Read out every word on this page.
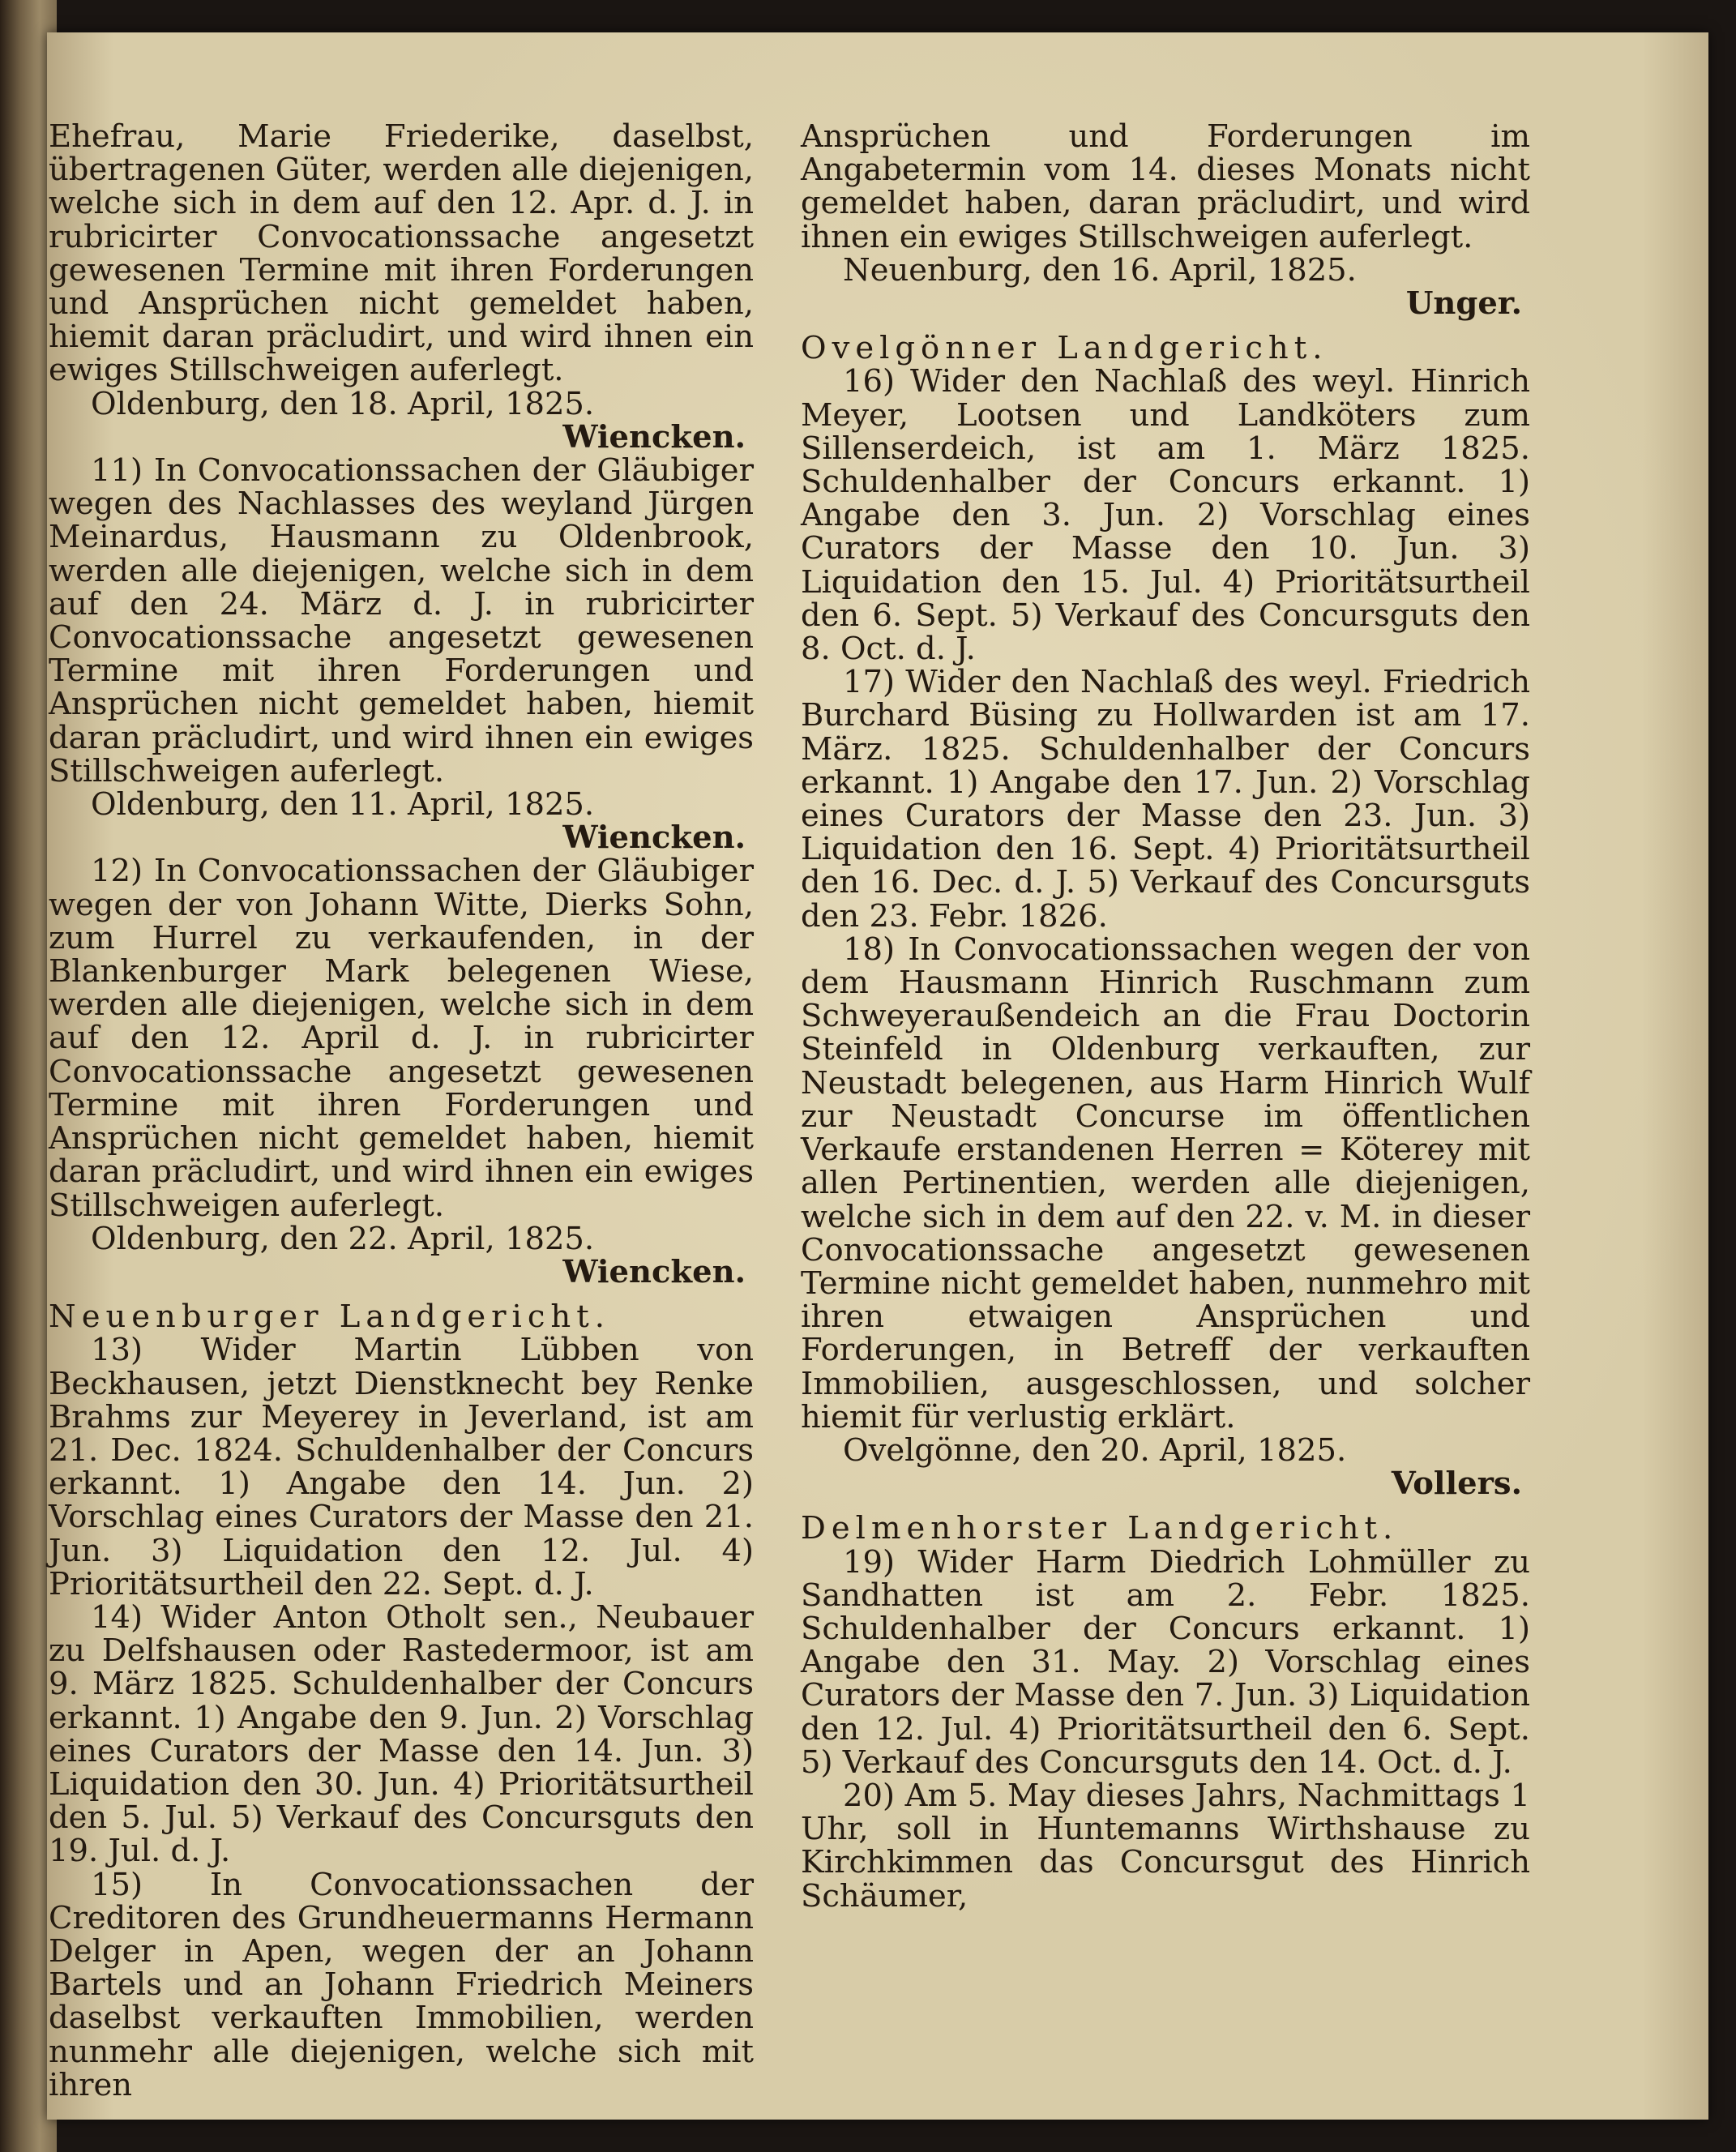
Ehefrau, Marie Friederike, daselbst, übertragenen Güter, werden alle diejenigen, welche sich in dem auf den 12. Apr. d. J. in rubricirter Convocationssache angesetzt gewesenen Termine mit ihren Forderungen und Ansprüchen nicht gemeldet haben, hiemit daran präcludirt, und wird ihnen ein ewiges Stillschweigen auferlegt.
Oldenburg, den 18. April, 1825.
Wiencken.
11) In Convocationssachen der Gläubiger wegen des Nachlasses des weyland Jürgen Meinardus, Hausmann zu Oldenbrook, werden alle diejenigen, welche sich in dem auf den 24. März d. J. in rubricirter Convocationssache angesetzt gewesenen Termine mit ihren Forderungen und Ansprüchen nicht gemeldet haben, hiemit daran präcludirt, und wird ihnen ein ewiges Stillschweigen auferlegt.
Oldenburg, den 11. April, 1825.
Wiencken.
12) In Convocationssachen der Gläubiger wegen der von Johann Witte, Dierks Sohn, zum Hurrel zu verkaufenden, in der Blankenburger Mark belegenen Wiese, werden alle diejenigen, welche sich in dem auf den 12. April d. J. in rubricirter Convocationssache angesetzt gewesenen Termine mit ihren Forderungen und Ansprüchen nicht gemeldet haben, hiemit daran präcludirt, und wird ihnen ein ewiges Stillschweigen auferlegt.
Oldenburg, den 22. April, 1825.
Wiencken.
Neuenburger Landgericht.
13) Wider Martin Lübben von Beckhausen, jetzt Dienstknecht bey Renke Brahms zur Meyerey in Jeverland, ist am 21. Dec. 1824. Schuldenhalber der Concurs erkannt. 1) Angabe den 14. Jun. 2) Vorschlag eines Curators der Masse den 21. Jun. 3) Liquidation den 12. Jul. 4) Prioritätsurtheil den 22. Sept. d. J.
14) Wider Anton Otholt sen., Neubauer zu Delfshausen oder Rastedermoor, ist am 9. März 1825. Schuldenhalber der Concurs erkannt. 1) Angabe den 9. Jun. 2) Vorschlag eines Curators der Masse den 14. Jun. 3) Liquidation den 30. Jun. 4) Prioritätsurtheil den 5. Jul. 5) Verkauf des Concursguts den 19. Jul. d. J.
15) In Convocationssachen der Creditoren des Grundheuermanns Hermann Delger in Apen, wegen der an Johann Bartels und an Johann Friedrich Meiners daselbst verkauften Immobilien, werden nunmehr alle diejenigen, welche sich mit ihren
Ansprüchen und Forderungen im Angabetermin vom 14. dieses Monats nicht gemeldet haben, daran präcludirt, und wird ihnen ein ewiges Stillschweigen auferlegt.
Neuenburg, den 16. April, 1825.
Unger.
Ovelgönner Landgericht.
16) Wider den Nachlaß des weyl. Hinrich Meyer, Lootsen und Landköters zum Sillenserdeich, ist am 1. März 1825. Schuldenhalber der Concurs erkannt. 1) Angabe den 3. Jun. 2) Vorschlag eines Curators der Masse den 10. Jun. 3) Liquidation den 15. Jul. 4) Prioritätsurtheil den 6. Sept. 5) Verkauf des Concursguts den 8. Oct. d. J.
17) Wider den Nachlaß des weyl. Friedrich Burchard Büsing zu Hollwarden ist am 17. März. 1825. Schuldenhalber der Concurs erkannt. 1) Angabe den 17. Jun. 2) Vorschlag eines Curators der Masse den 23. Jun. 3) Liquidation den 16. Sept. 4) Prioritätsurtheil den 16. Dec. d. J. 5) Verkauf des Concursguts den 23. Febr. 1826.
18) In Convocationssachen wegen der von dem Hausmann Hinrich Ruschmann zum Schweyeraußendeich an die Frau Doctorin Steinfeld in Oldenburg verkauften, zur Neustadt belegenen, aus Harm Hinrich Wulf zur Neustadt Concurse im öffentlichen Verkaufe erstandenen Herren = Köterey mit allen Pertinentien, werden alle diejenigen, welche sich in dem auf den 22. v. M. in dieser Convocationssache angesetzt gewesenen Termine nicht gemeldet haben, nunmehro mit ihren etwaigen Ansprüchen und Forderungen, in Betreff der verkauften Immobilien, ausgeschlossen, und solcher hiemit für verlustig erklärt.
Ovelgönne, den 20. April, 1825.
Vollers.
Delmenhorster Landgericht.
19) Wider Harm Diedrich Lohmüller zu Sandhatten ist am 2. Febr. 1825. Schuldenhalber der Concurs erkannt. 1) Angabe den 31. May. 2) Vorschlag eines Curators der Masse den 7. Jun. 3) Liquidation den 12. Jul. 4) Prioritätsurtheil den 6. Sept. 5) Verkauf des Concursguts den 14. Oct. d. J.
20) Am 5. May dieses Jahrs, Nachmittags 1 Uhr, soll in Huntemanns Wirthshause zu Kirchkimmen das Concursgut des Hinrich Schäumer,
